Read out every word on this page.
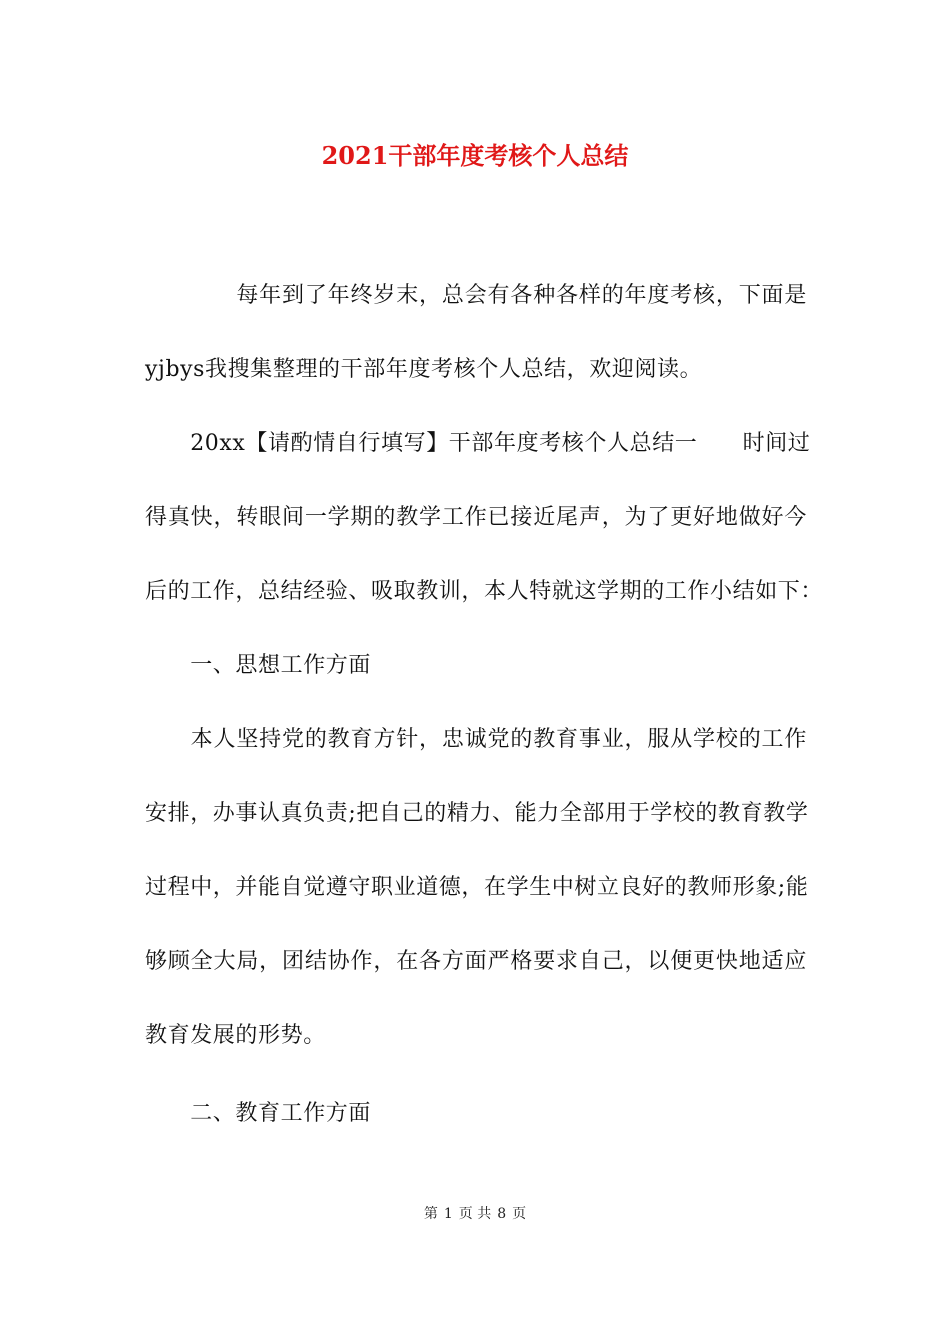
2021干部年度考核个人总结
　　　　每年到了年终岁末，总会有各种各样的年度考核，下面是
yjbys我搜集整理的干部年度考核个人总结，欢迎阅读。
　　20xx【请酌情自行填写】干部年度考核个人总结一　　时间过
得真快，转眼间一学期的教学工作已接近尾声，为了更好地做好今
后的工作，总结经验、吸取教训，本人特就这学期的工作小结如下：
　　一、思想工作方面
　　本人坚持党的教育方针，忠诚党的教育事业，服从学校的工作
安排，办事认真负责;把自己的精力、能力全部用于学校的教育教学
过程中，并能自觉遵守职业道德，在学生中树立良好的教师形象;能
够顾全大局，团结协作，在各方面严格要求自己，以便更快地适应
教育发展的形势。
　　二、教育工作方面
第 1 页 共 8 页
